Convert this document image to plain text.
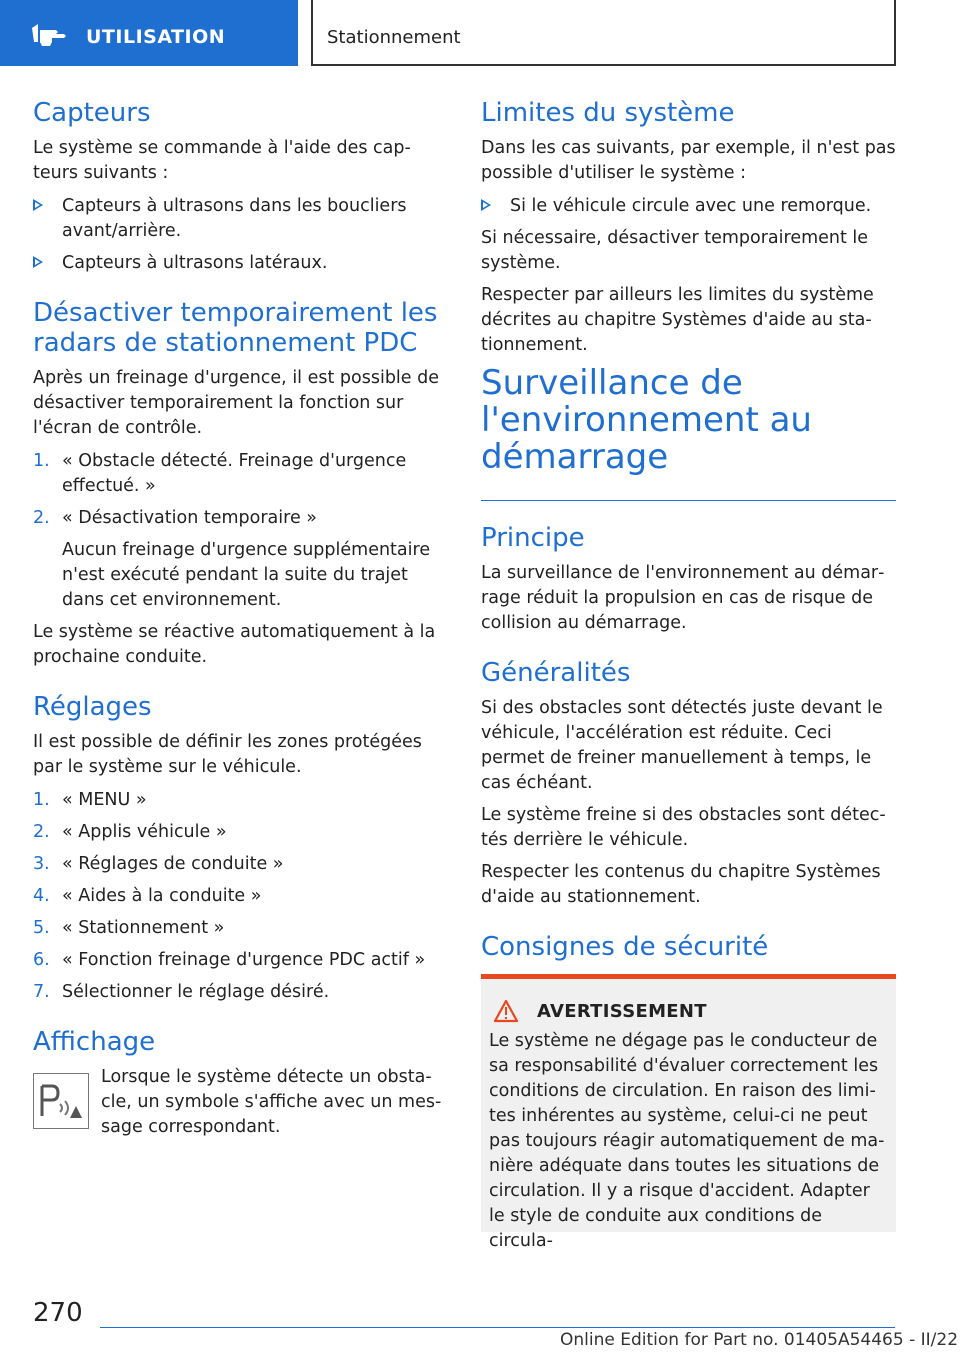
UTILISATION	Stationnement
Capteurs

Le système se commande à l'aide des capteurs suivants :

Capteurs à ultrasons dans les boucliers avant/arrière.
Capteurs à ultrasons latéraux.
Désactiver temporairement les radars de stationnement PDC

Après un freinage d'urgence, il est possible de désactiver temporairement la fonction sur l'écran de contrôle.

1. « Obstacle détecté. Freinage d'urgence effectué. »
2. « Désactivation temporaire »
Aucun freinage d'urgence supplémentaire n'est exécuté pendant la suite du trajet dans cet environnement.

Le système se réactive automatiquement à la prochaine conduite.

Réglages

Il est possible de définir les zones protégées par le système sur le véhicule.

1. « MENU »
2. « Applis véhicule »
3. « Réglages de conduite »
4. « Aides à la conduite »
5. « Stationnement »
6. « Fonction freinage d'urgence PDC actif »
7. Sélectionner le réglage désiré.
Affichage

Lorsque le système détecte un obstacle, un symbole s'affiche avec un message correspondant.

Limites du système

Dans les cas suivants, par exemple, il n'est pas possible d'utiliser le système :

Si le véhicule circule avec une remorque.

Si nécessaire, désactiver temporairement le système.

Respecter par ailleurs les limites du système décrites au chapitre Systèmes d'aide au stationnement.

Surveillance de l'environnement au démarrage
Principe

La surveillance de l'environnement au démarrage réduit la propulsion en cas de risque de collision au démarrage.

Généralités

Si des obstacles sont détectés juste devant le véhicule, l'accélération est réduite. Ceci permet de freiner manuellement à temps, le cas échéant.

Le système freine si des obstacles sont détectés derrière le véhicule.

Respecter les contenus du chapitre Systèmes d'aide au stationnement.

Consignes de sécurité
AVERTISSEMENT

Le système ne dégage pas le conducteur de sa responsabilité d'évaluer correctement les conditions de circulation. En raison des limites inhérentes au système, celui-ci ne peut pas toujours réagir automatiquement de manière adéquate dans toutes les situations de circulation. Il y a risque d'accident. Adapter le style de conduite aux conditions de circula-

270
Online Edition for Part no. 01405A54465 - II/22
